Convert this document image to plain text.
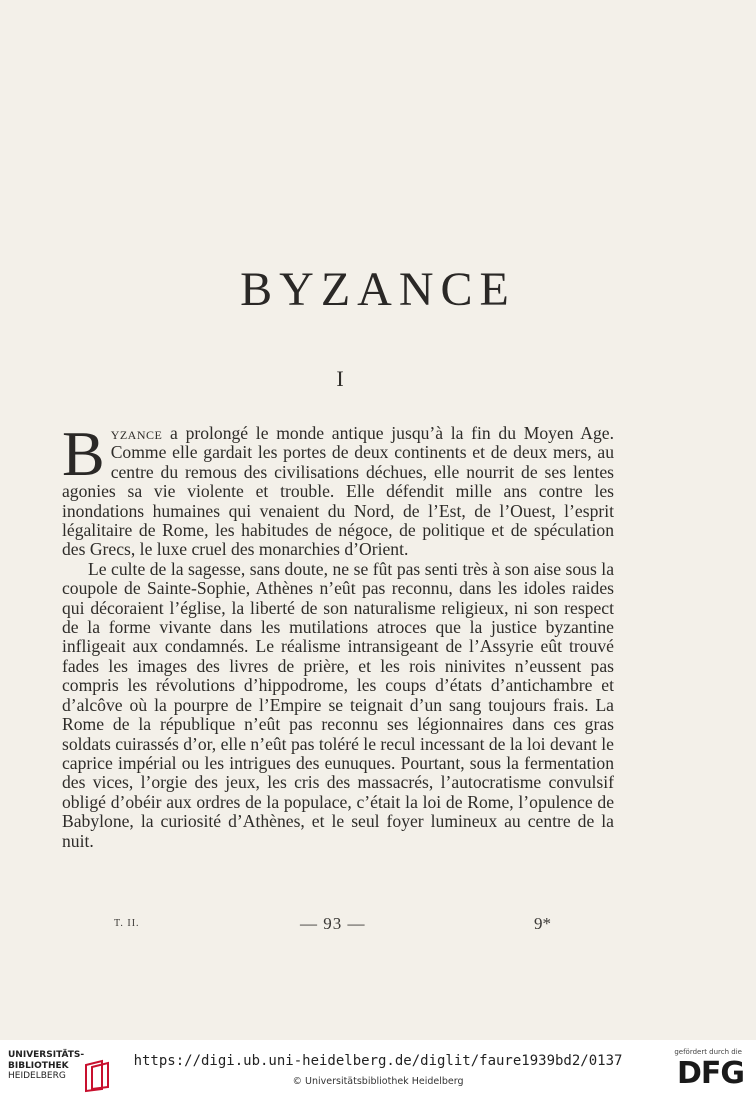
BYZANCE
I

Byzance a prolongé le monde antique jusqu’à la fin du Moyen Age. Comme elle gardait les portes de deux continents et de deux mers, au centre du remous des civilisations déchues, elle nourrit de ses lentes agonies sa vie violente et trouble. Elle défendit mille ans contre les inondations humaines qui venaient du Nord, de l’Est, de l’Ouest, l’esprit légalitaire de Rome, les habitudes de négoce, de politique et de spéculation des Grecs, le luxe cruel des monarchies d’Orient.

Le culte de la sagesse, sans doute, ne se fût pas senti très à son aise sous la coupole de Sainte-Sophie, Athènes n’eût pas reconnu, dans les idoles raides qui décoraient l’église, la liberté de son naturalisme religieux, ni son respect de la forme vivante dans les mutilations atroces que la justice byzantine infligeait aux condamnés. Le réalisme intransigeant de l’Assyrie eût trouvé fades les images des livres de prière, et les rois ninivites n’eussent pas compris les révolutions d’hippodrome, les coups d’états d’antichambre et d’alcôve où la pourpre de l’Empire se teignait d’un sang toujours frais. La Rome de la république n’eût pas reconnu ses légionnaires dans ces gras soldats cuirassés d’or, elle n’eût pas toléré le recul incessant de la loi devant le caprice impérial ou les intrigues des eunuques. Pourtant, sous la fermentation des vices, l’orgie des jeux, les cris des massacrés, l’autocratisme convulsif obligé d’obéir aux ordres de la populace, c’était la loi de Rome, l’opulence de Babylone, la curiosité d’Athènes, et le seul foyer lumineux au centre de la nuit.

T. II.	— 93 —	9*
UNIVERSITÄTS-
BIBLIOTHEK
HEIDELBERG
https://digi.ub.uni-heidelberg.de/diglit/faure1939bd2/0137
© Universitätsbibliothek Heidelberg
gefördert durch die
DFG
